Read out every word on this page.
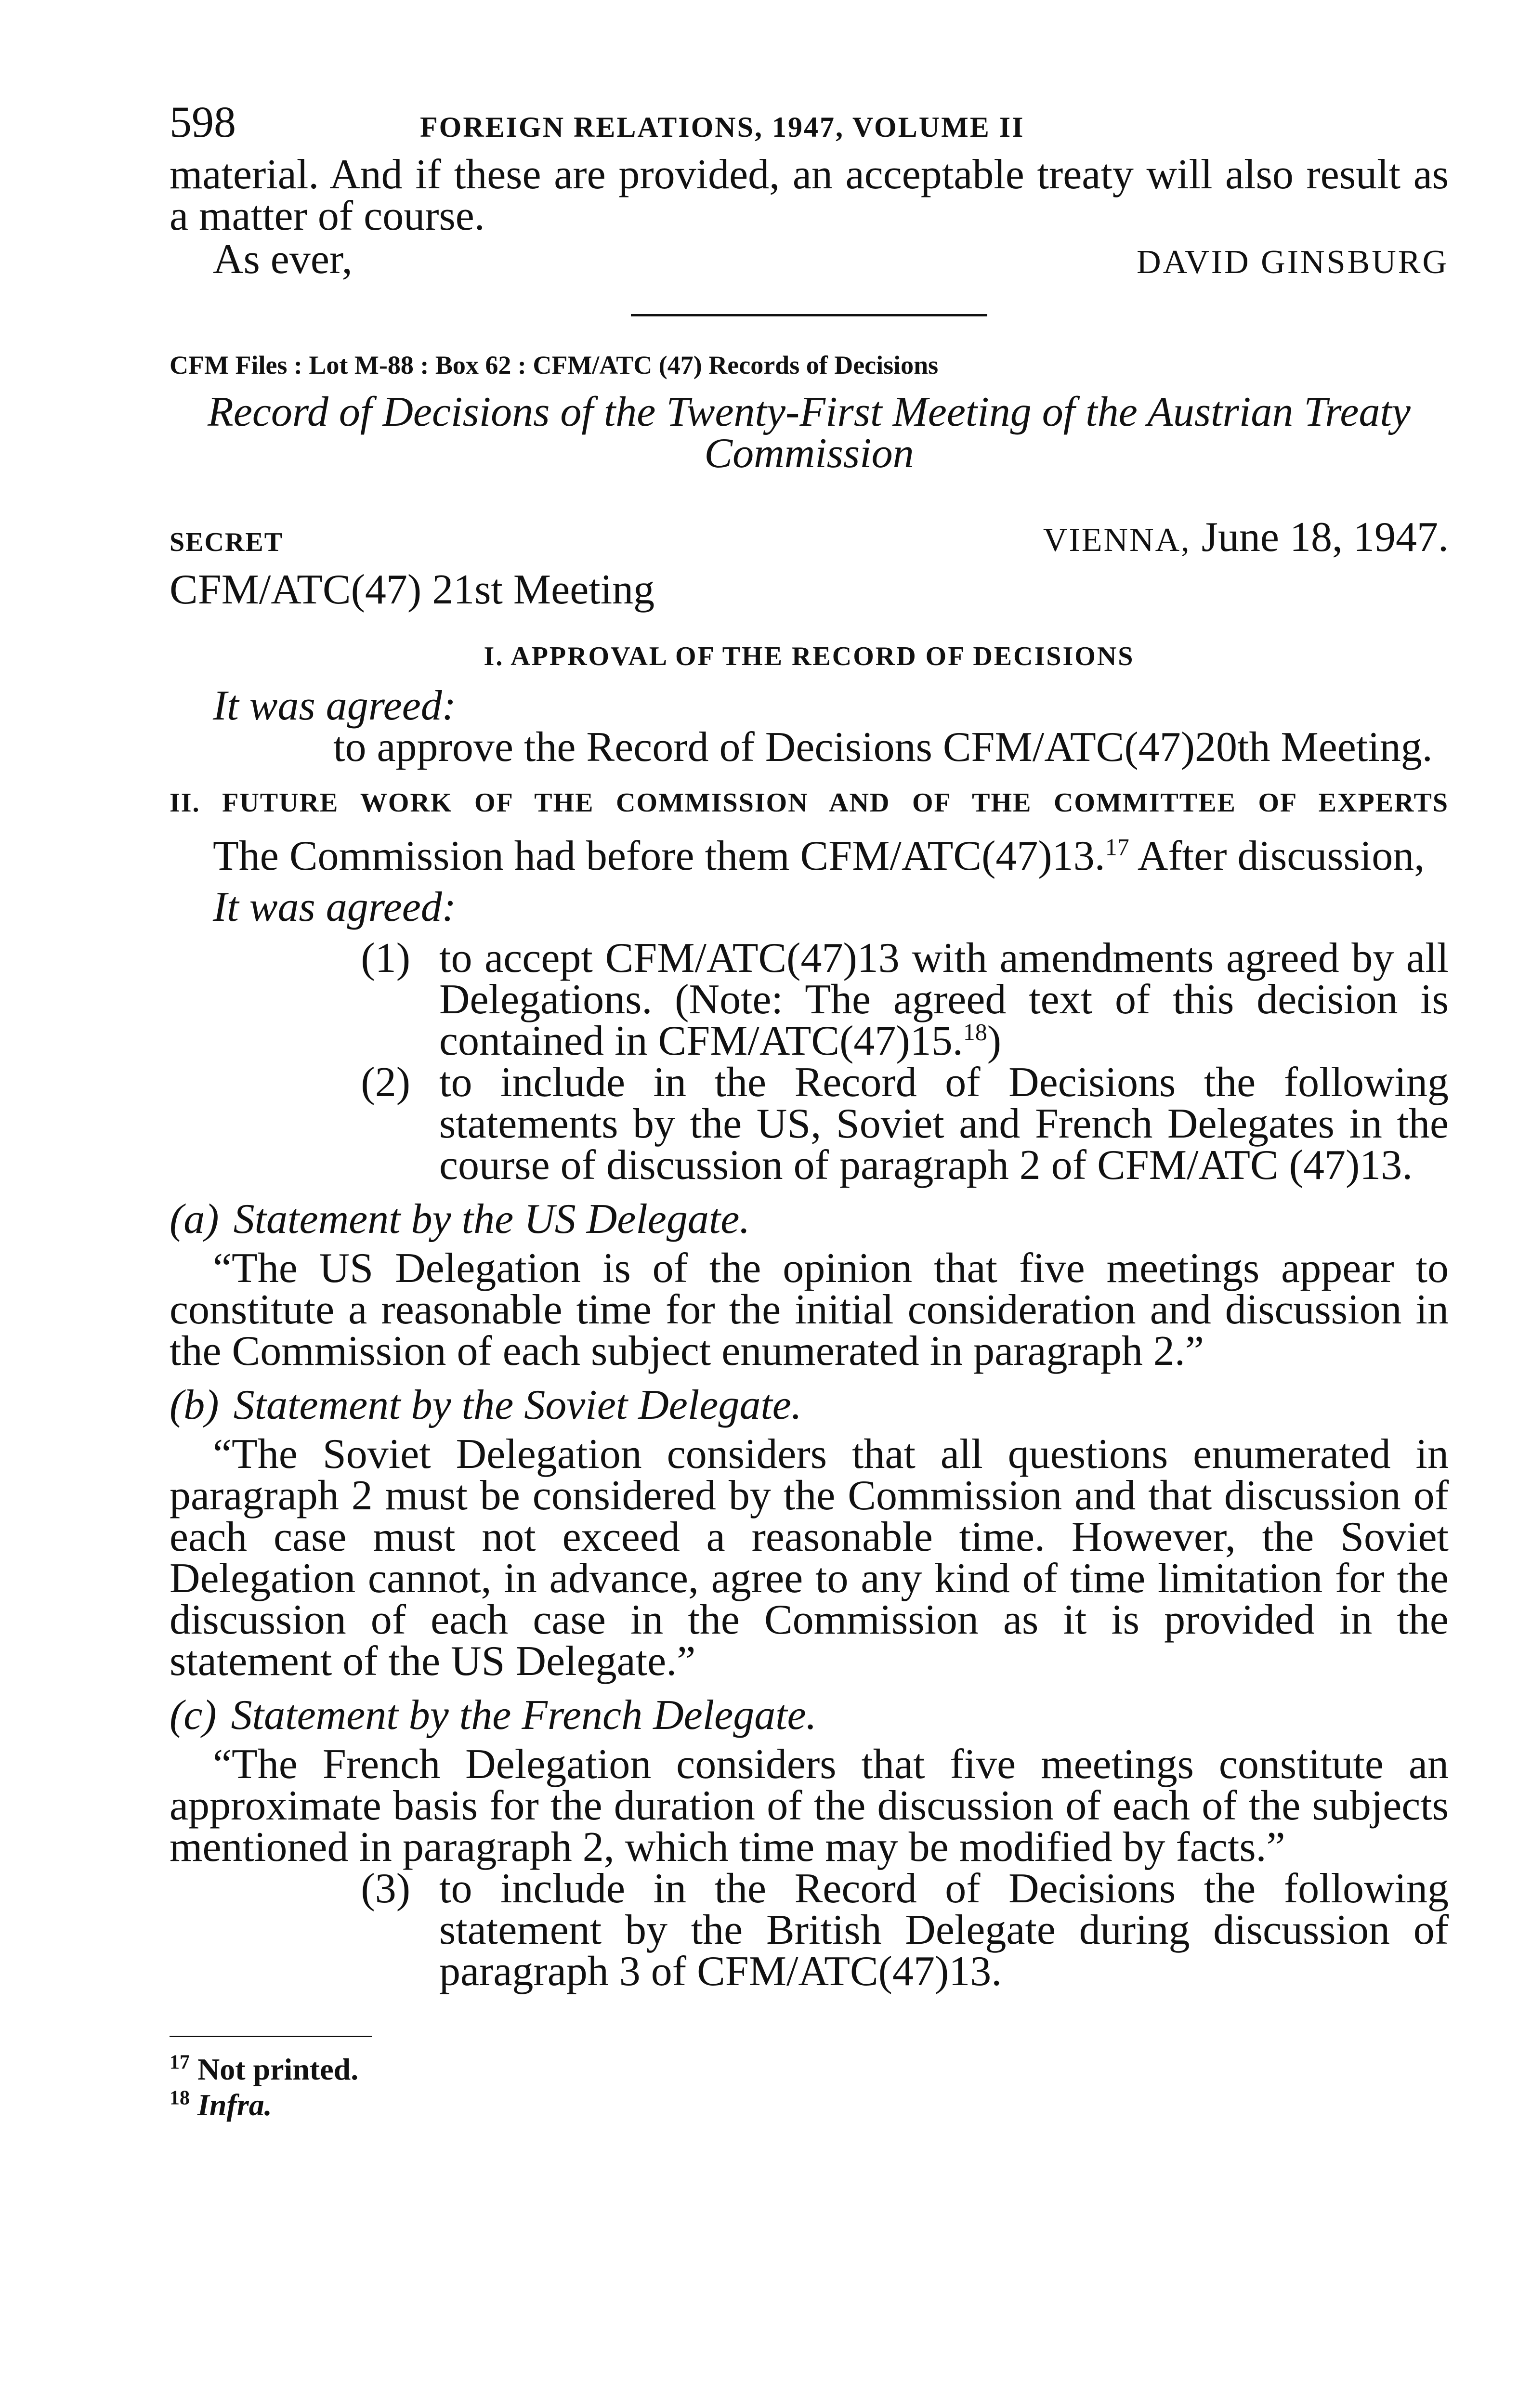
598	FOREIGN RELATIONS, 1947, VOLUME II

material. And if these are provided, an acceptable treaty will also result as a matter of course.

As ever,	DAVID GINSBURG
CFM Files : Lot M-88 : Box 62 : CFM/ATC (47) Records of Decisions

Record of Decisions of the Twenty-First Meeting of the Austrian Treaty Commission

SECRET	VIENNA, June 18, 1947.
CFM/ATC(47) 21st Meeting
I. APPROVAL OF THE RECORD OF DECISIONS

It was agreed:

to approve the Record of Decisions CFM/ATC(47)20th Meeting.

II. FUTURE WORK OF THE COMMISSION AND OF THE COMMITTEE OF EXPERTS

The Commission had before them CFM/ATC(47)13.17 After discussion,

It was agreed:

(1) to accept CFM/ATC(47)13 with amendments agreed by all Delegations. (Note: The agreed text of this decision is contained in CFM/ATC(47)15.18)
(2) to include in the Record of Decisions the following statements by the US, Soviet and French Delegates in the course of discussion of paragraph 2 of CFM/ATC (47)13.
(a) Statement by the US Delegate.

“The US Delegation is of the opinion that five meetings appear to constitute a reasonable time for the initial consideration and discussion in the Commission of each subject enumerated in paragraph 2.”

(b) Statement by the Soviet Delegate.

“The Soviet Delegation considers that all questions enumerated in paragraph 2 must be considered by the Commission and that discussion of each case must not exceed a reasonable time. However, the Soviet Delegation cannot, in advance, agree to any kind of time limitation for the discussion of each case in the Commission as it is provided in the statement of the US Delegate.”

(c) Statement by the French Delegate.

“The French Delegation considers that five meetings constitute an approximate basis for the duration of the discussion of each of the subjects mentioned in paragraph 2, which time may be modified by facts.”

(3) to include in the Record of Decisions the following statement by the British Delegate during discussion of paragraph 3 of CFM/ATC(47)13.
$^{17}$ Not printed.
$^{18}$ Infra.
